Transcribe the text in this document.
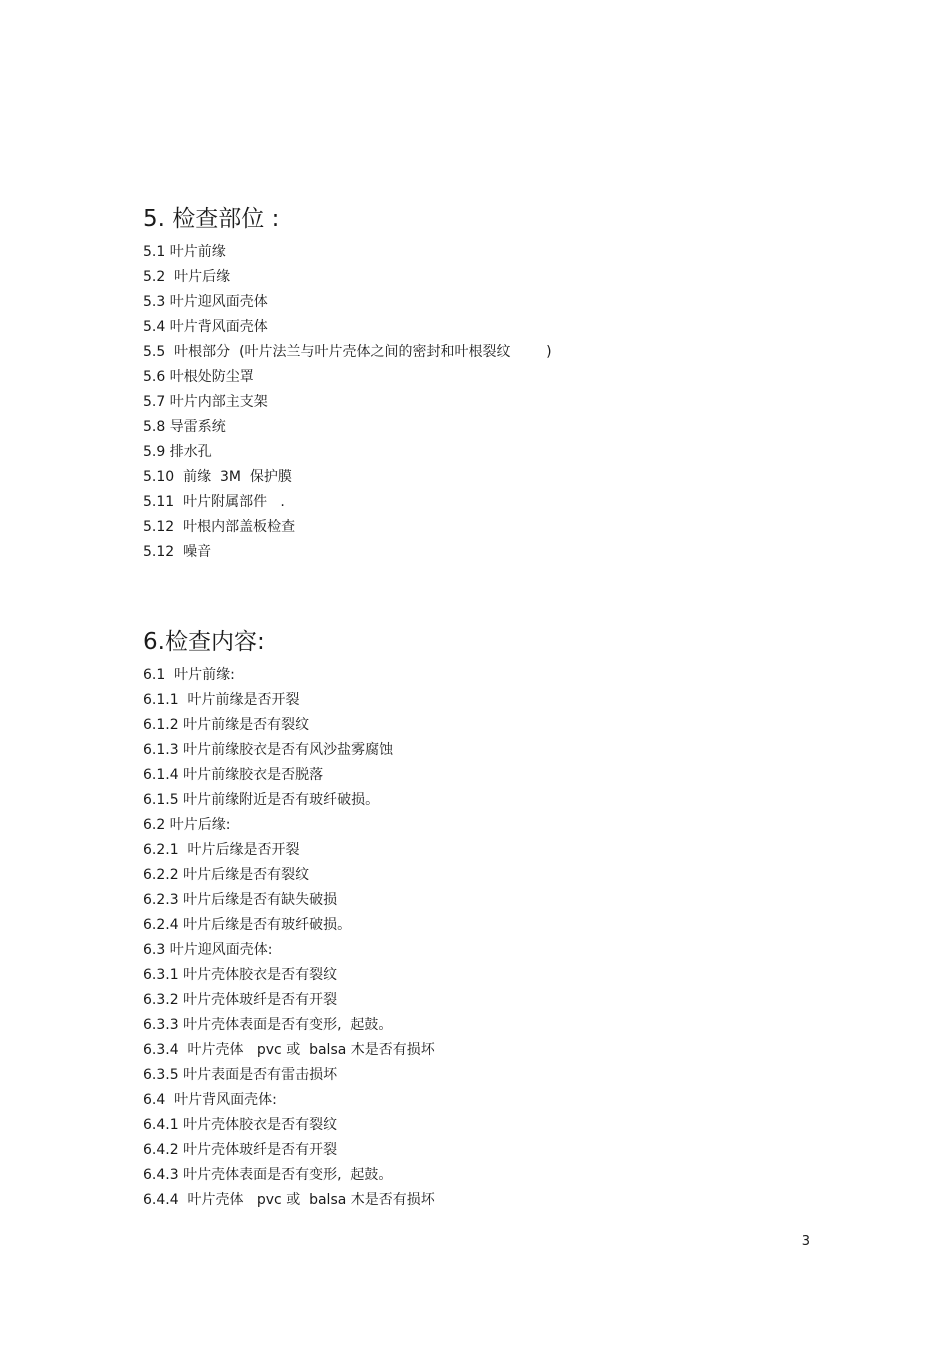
5. 检查部位 :
5.1 叶片前缘
5.2  叶片后缘
5.3 叶片迎风面壳体
5.4 叶片背风面壳体
5.5  叶根部分  (叶片法兰与叶片壳体之间的密封和叶根裂纹        )
5.6 叶根处防尘罩
5.7 叶片内部主支架
5.8 导雷系统
5.9 排水孔
5.10  前缘  3M  保护膜
5.11  叶片附属部件   .
5.12  叶根内部盖板检查
5.12  噪音
6.检查内容:
6.1  叶片前缘:
6.1.1  叶片前缘是否开裂
6.1.2 叶片前缘是否有裂纹
6.1.3 叶片前缘胶衣是否有风沙盐雾腐蚀
6.1.4 叶片前缘胶衣是否脱落
6.1.5 叶片前缘附近是否有玻纤破损。
6.2 叶片后缘:
6.2.1  叶片后缘是否开裂
6.2.2 叶片后缘是否有裂纹
6.2.3 叶片后缘是否有缺失破损
6.2.4 叶片后缘是否有玻纤破损。
6.3 叶片迎风面壳体:
6.3.1 叶片壳体胶衣是否有裂纹
6.3.2 叶片壳体玻纤是否有开裂
6.3.3 叶片壳体表面是否有变形,  起鼓。
6.3.4  叶片壳体   pvc 或  balsa 木是否有损坏
6.3.5 叶片表面是否有雷击损坏
6.4  叶片背风面壳体:
6.4.1 叶片壳体胶衣是否有裂纹
6.4.2 叶片壳体玻纤是否有开裂
6.4.3 叶片壳体表面是否有变形,  起鼓。
6.4.4  叶片壳体   pvc 或  balsa 木是否有损坏
3
